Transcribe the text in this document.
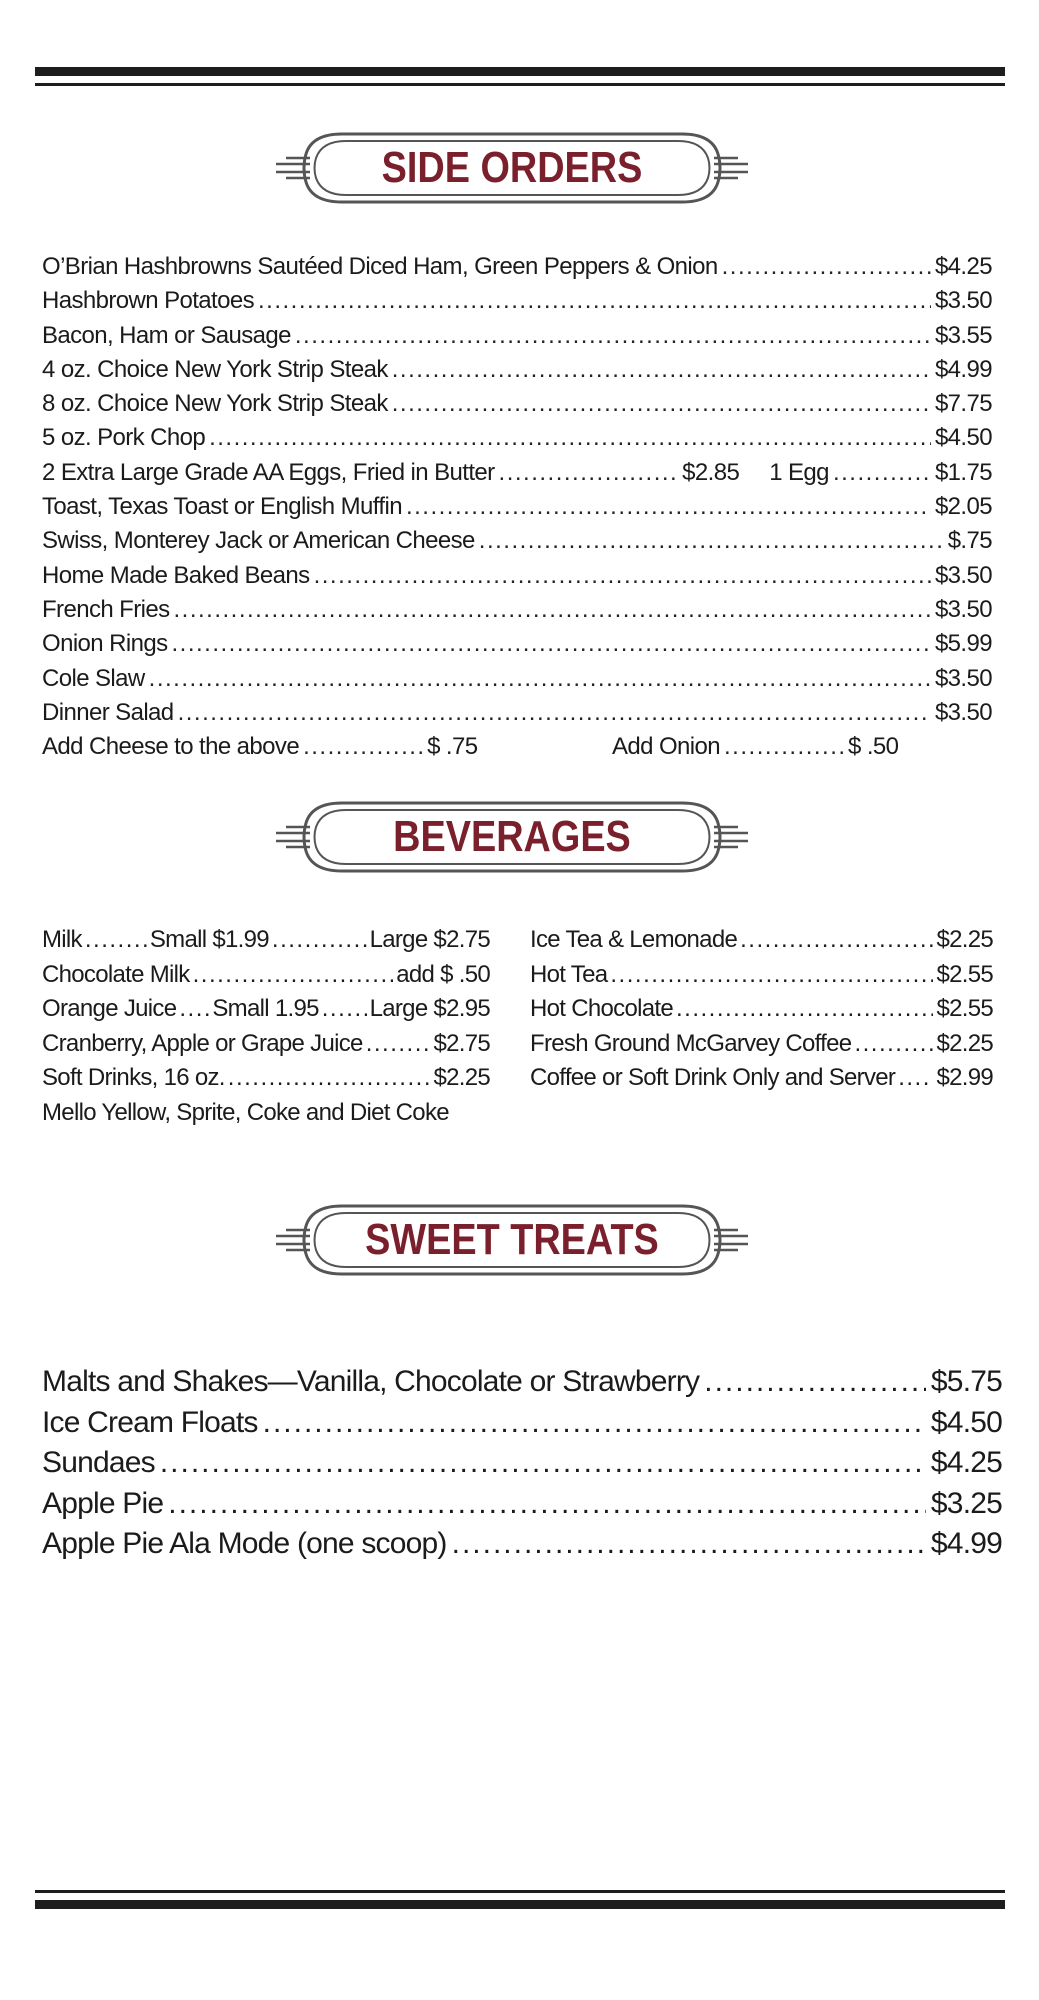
SIDE ORDERS
O’Brian Hashbrowns Sautéed Diced Ham, Green Peppers & Onion .....	$4.25
Hashbrown Potatoes .....	$3.50
Bacon, Ham or Sausage .....	$3.55
4 oz. Choice New York Strip Steak .....	$4.99
8 oz. Choice New York Strip Steak .....	$7.75
5 oz. Pork Chop .....	$4.50
2 Extra Large Grade AA Eggs, Fried in Butter .....	$2.85 1 Egg .....	$1.75
Toast, Texas Toast or English Muffin .....	$2.05
Swiss, Monterey Jack or American Cheese .....	$.75
Home Made Baked Beans .....	$3.50
French Fries .....	$3.50
Onion Rings .....	$5.99
Cole Slaw .....	$3.50
Dinner Salad .....	$3.50
Add Cheese to the above .....	$ .75	Add Onion .....	$ .50
BEVERAGES
Milk .....	Small $1.99 .....	Large $2.75
Chocolate Milk .....	add $ .50
Orange Juice ..... Small 1.95 ..... Large $2.95
Cranberry, Apple or Grape Juice .....	$2.75
Soft Drinks, 16 oz. .....	$2.25
Mello Yellow, Sprite, Coke and Diet Coke
Ice Tea & Lemonade .....	$2.25
Hot Tea .....	$2.55
Hot Chocolate .....	$2.55
Fresh Ground McGarvey Coffee .....	$2.25
Coffee or Soft Drink Only and Server ..... $2.99
SWEET TREATS
Malts and Shakes—Vanilla, Chocolate or Strawberry .....	$5.75
Ice Cream Floats .....	$4.50
Sundaes .....	$4.25
Apple Pie .....	$3.25
Apple Pie Ala Mode (one scoop) .....	$4.99
